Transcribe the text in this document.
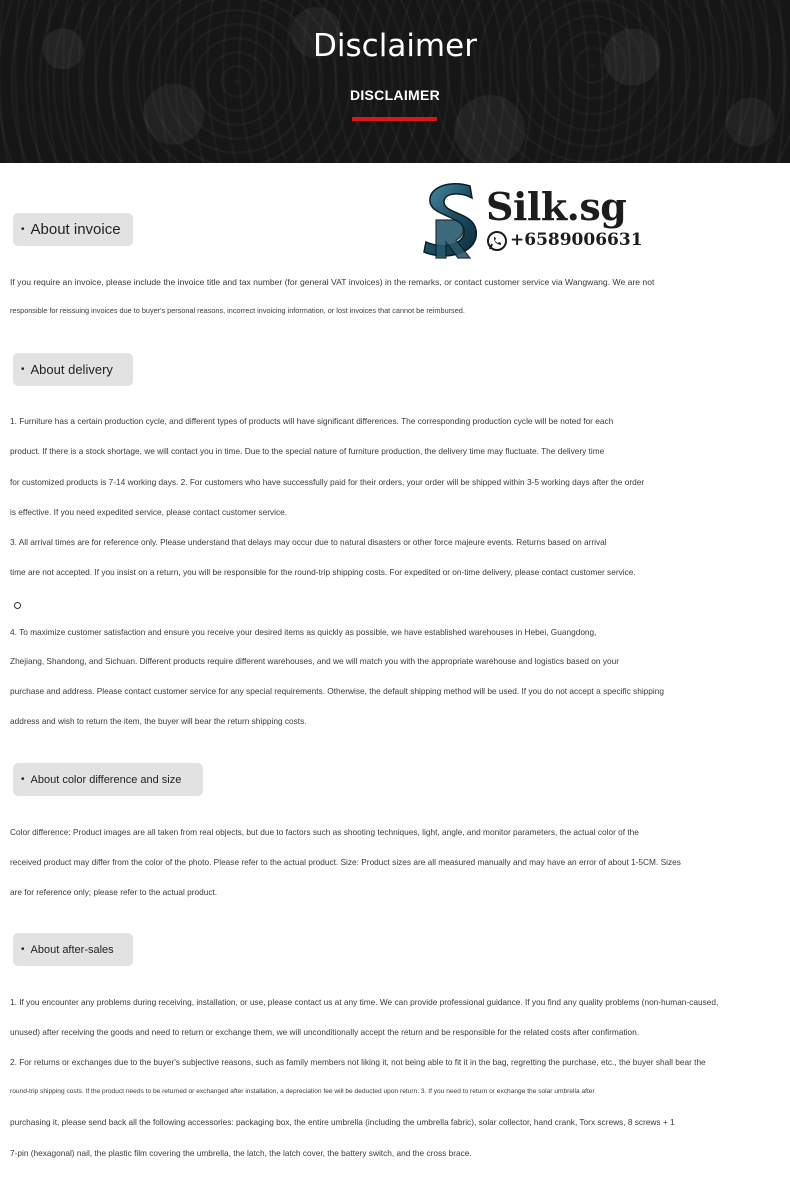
Disclaimer
DISCLAIMER
Silk.sg
+6589006631
• About invoice
If you require an invoice, please include the invoice title and tax number (for general VAT invoices) in the remarks, or contact customer service via Wangwang. We are not
responsible for reissuing invoices due to buyer's personal reasons, incorrect invoicing information, or lost invoices that cannot be reimbursed.
• About delivery
1. Furniture has a certain production cycle, and different types of products will have significant differences. The corresponding production cycle will be noted for each
product. If there is a stock shortage, we will contact you in time. Due to the special nature of furniture production, the delivery time may fluctuate. The delivery time
for customized products is 7-14 working days. 2. For customers who have successfully paid for their orders, your order will be shipped within 3-5 working days after the order
is effective. If you need expedited service, please contact customer service.
3. All arrival times are for reference only. Please understand that delays may occur due to natural disasters or other force majeure events. Returns based on arrival
time are not accepted. If you insist on a return, you will be responsible for the round-trip shipping costs. For expedited or on-time delivery, please contact customer service.
4. To maximize customer satisfaction and ensure you receive your desired items as quickly as possible, we have established warehouses in Hebei, Guangdong,
Zhejiang, Shandong, and Sichuan. Different products require different warehouses, and we will match you with the appropriate warehouse and logistics based on your
purchase and address. Please contact customer service for any special requirements. Otherwise, the default shipping method will be used. If you do not accept a specific shipping
address and wish to return the item, the buyer will bear the return shipping costs.
• About color difference and size
Color difference: Product images are all taken from real objects, but due to factors such as shooting techniques, light, angle, and monitor parameters, the actual color of the
received product may differ from the color of the photo. Please refer to the actual product. Size: Product sizes are all measured manually and may have an error of about 1-5CM. Sizes
are for reference only; please refer to the actual product.
• About after-sales
1. If you encounter any problems during receiving, installation, or use, please contact us at any time. We can provide professional guidance. If you find any quality problems (non-human-caused,
unused) after receiving the goods and need to return or exchange them, we will unconditionally accept the return and be responsible for the related costs after confirmation.
2. For returns or exchanges due to the buyer's subjective reasons, such as family members not liking it, not being able to fit it in the bag, regretting the purchase, etc., the buyer shall bear the
round-trip shipping costs. If the product needs to be returned or exchanged after installation, a depreciation fee will be deducted upon return. 3. If you need to return or exchange the solar umbrella after
purchasing it, please send back all the following accessories: packaging box, the entire umbrella (including the umbrella fabric), solar collector, hand crank, Torx screws, 8 screws + 1
7-pin (hexagonal) nail, the plastic film covering the umbrella, the latch, the latch cover, the battery switch, and the cross brace.
